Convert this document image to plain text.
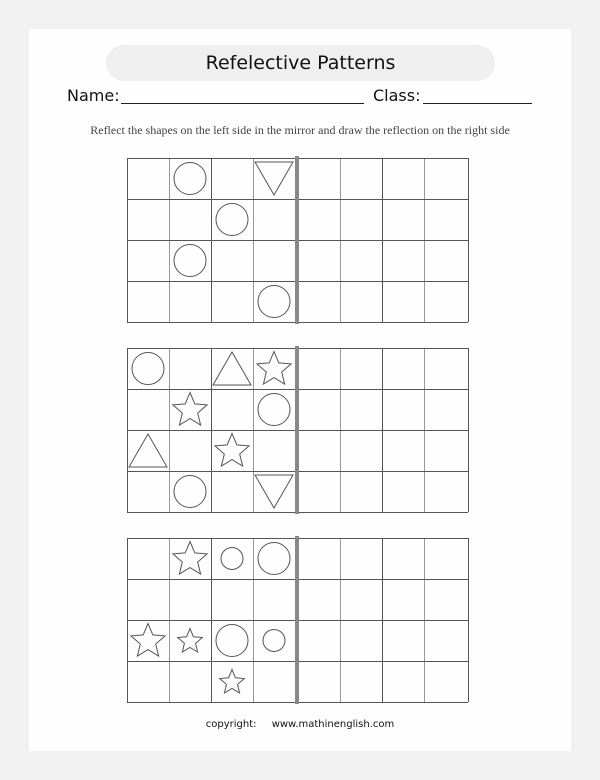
Refelective Patterns
Name:	Class:
Reflect the shapes on the left side in the mirror and draw the reflection on the right side
copyright: www.mathinenglish.com
